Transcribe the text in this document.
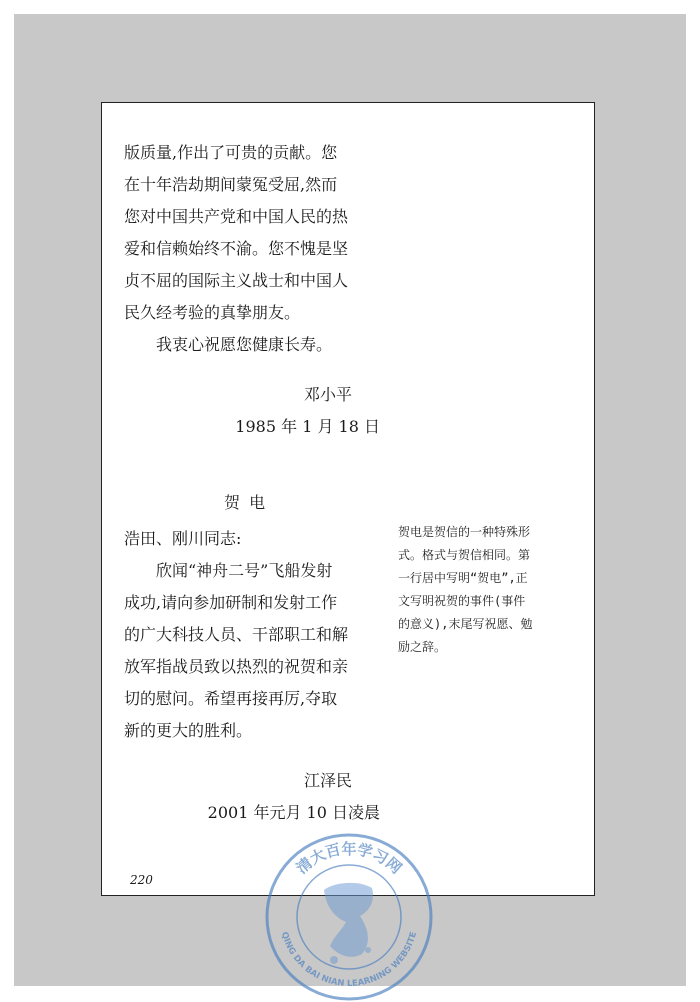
版质量,作出了可贵的贡献。您
在十年浩劫期间蒙冤受屈,然而
您对中国共产党和中国人民的热
爱和信赖始终不渝。您不愧是坚
贞不屈的国际主义战士和中国人
民久经考验的真挚朋友。
我衷心祝愿您健康长寿。
邓小平
1985 年 1 月 18 日
贺 电
浩田、刚川同志:
欣闻“神舟二号”飞船发射
成功,请向参加研制和发射工作
的广大科技人员、干部职工和解
放军指战员致以热烈的祝贺和亲
切的慰问。希望再接再厉,夺取
新的更大的胜利。
江泽民
2001 年元月 10 日凌晨
贺电是贺信的一种特殊形
式。格式与贺信相同。第
一行居中写明“贺电”,正
文写明祝贺的事件(事件
的意义),末尾写祝愿、勉
励之辞。
220
清大百年学习网
QING DA BAI NIAN LEARNING WEBSITE
